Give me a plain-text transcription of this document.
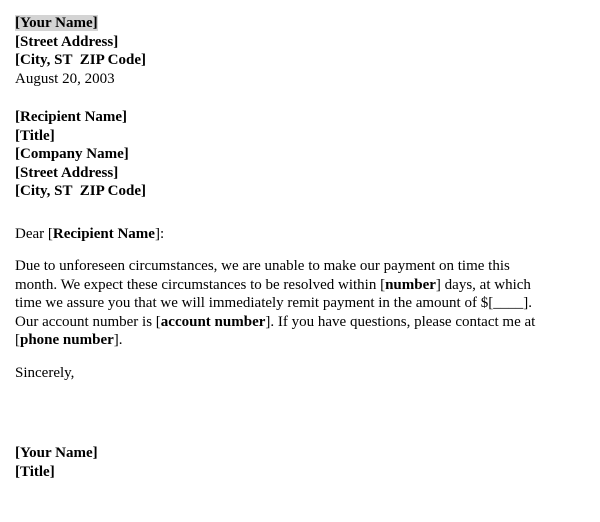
[Your Name]
[Street Address]
[City, ST  ZIP Code]
August 20, 2003
[Recipient Name]
[Title]
[Company Name]
[Street Address]
[City, ST  ZIP Code]
Dear [Recipient Name]:
Due to unforeseen circumstances, we are unable to make our payment on time this
month. We expect these circumstances to be resolved within [number] days, at which
time we assure you that we will immediately remit payment in the amount of $[____].
Our account number is [account number]. If you have questions, please contact me at
[phone number].
Sincerely,
[Your Name]
[Title]
